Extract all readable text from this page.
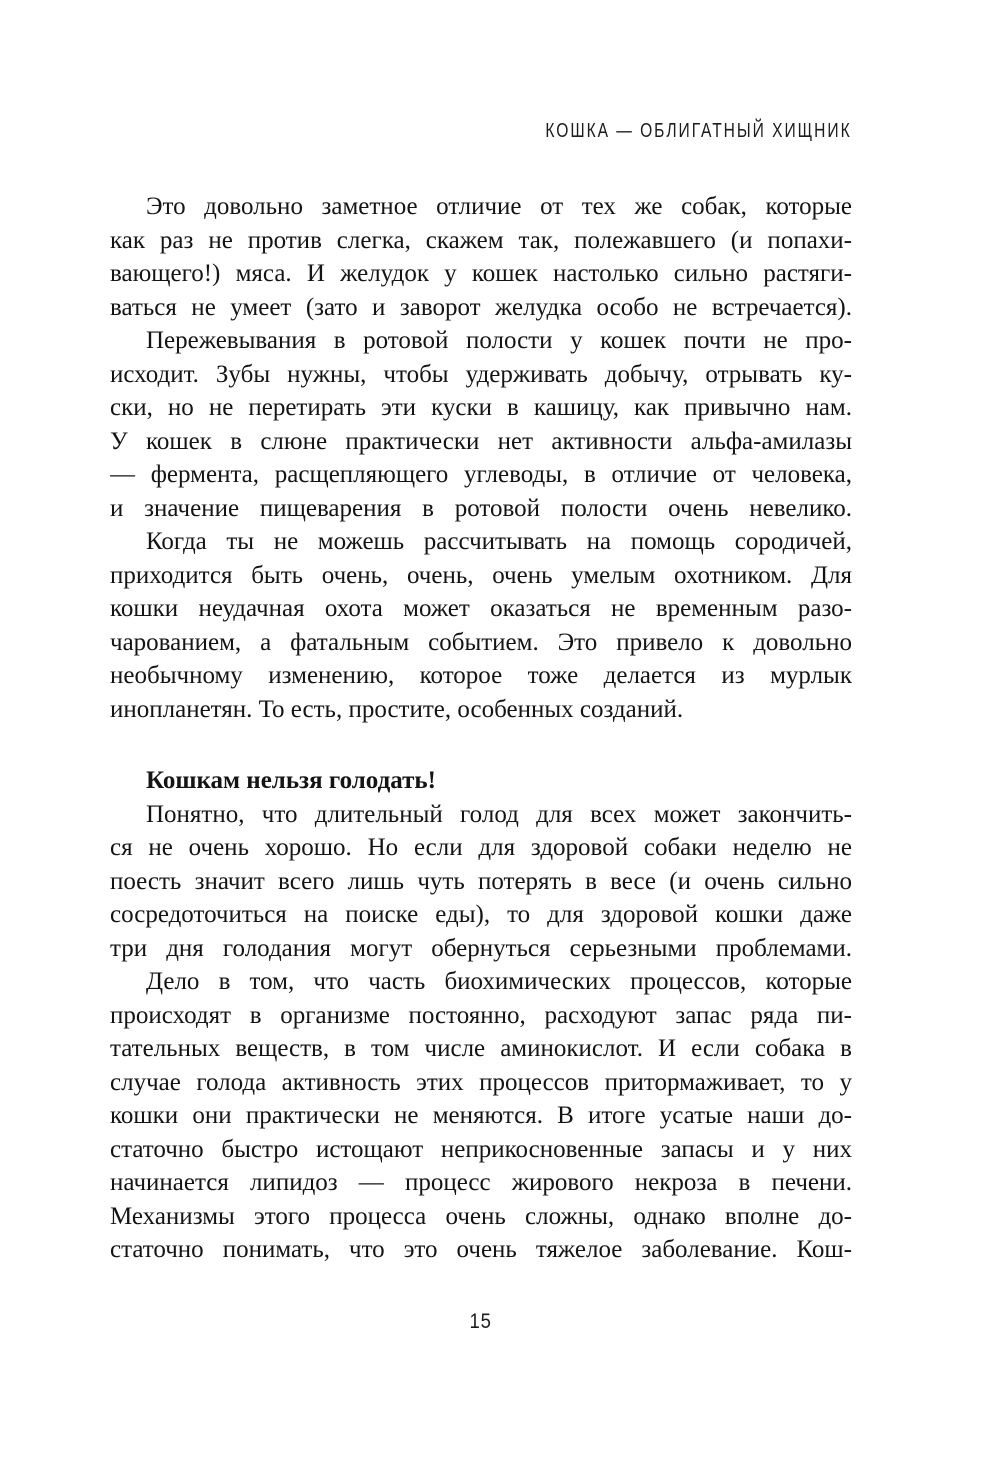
КОШКА — ОБЛИГАТНЫЙ ХИЩНИК
Это довольно заметное отличие от тех же собак, которые
как раз не против слегка, скажем так, полежавшего (и попахи-
вающего!) мяса. И желудок у кошек настолько сильно растяги-
ваться не умеет (зато и заворот желудка особо не встречается).
Пережевывания в ротовой полости у кошек почти не про-
исходит. Зубы нужны, чтобы удерживать добычу, отрывать ку-
ски, но не перетирать эти куски в кашицу, как привычно нам.
У кошек в слюне практически нет активности альфа-амилазы
— фермента, расщепляющего углеводы, в отличие от человека,
и значение пищеварения в ротовой полости очень невелико.
Когда ты не можешь рассчитывать на помощь сородичей,
приходится быть очень, очень, очень умелым охотником. Для
кошки неудачная охота может оказаться не временным разо-
чарованием, а фатальным событием. Это привело к довольно
необычному изменению, которое тоже делается из мурлык
инопланетян. То есть, простите, особенных созданий.
Кошкам нельзя голодать!
Понятно, что длительный голод для всех может закончить-
ся не очень хорошо. Но если для здоровой собаки неделю не
поесть значит всего лишь чуть потерять в весе (и очень сильно
сосредоточиться на поиске еды), то для здоровой кошки даже
три дня голодания могут обернуться серьезными проблемами.
Дело в том, что часть биохимических процессов, которые
происходят в организме постоянно, расходуют запас ряда пи-
тательных веществ, в том числе аминокислот. И если собака в
случае голода активность этих процессов притормаживает, то у
кошки они практически не меняются. В итоге усатые наши до-
статочно быстро истощают неприкосновенные запасы и у них
начинается липидоз — процесс жирового некроза в печени.
Механизмы этого процесса очень сложны, однако вполне до-
статочно понимать, что это очень тяжелое заболевание. Кош-
15
